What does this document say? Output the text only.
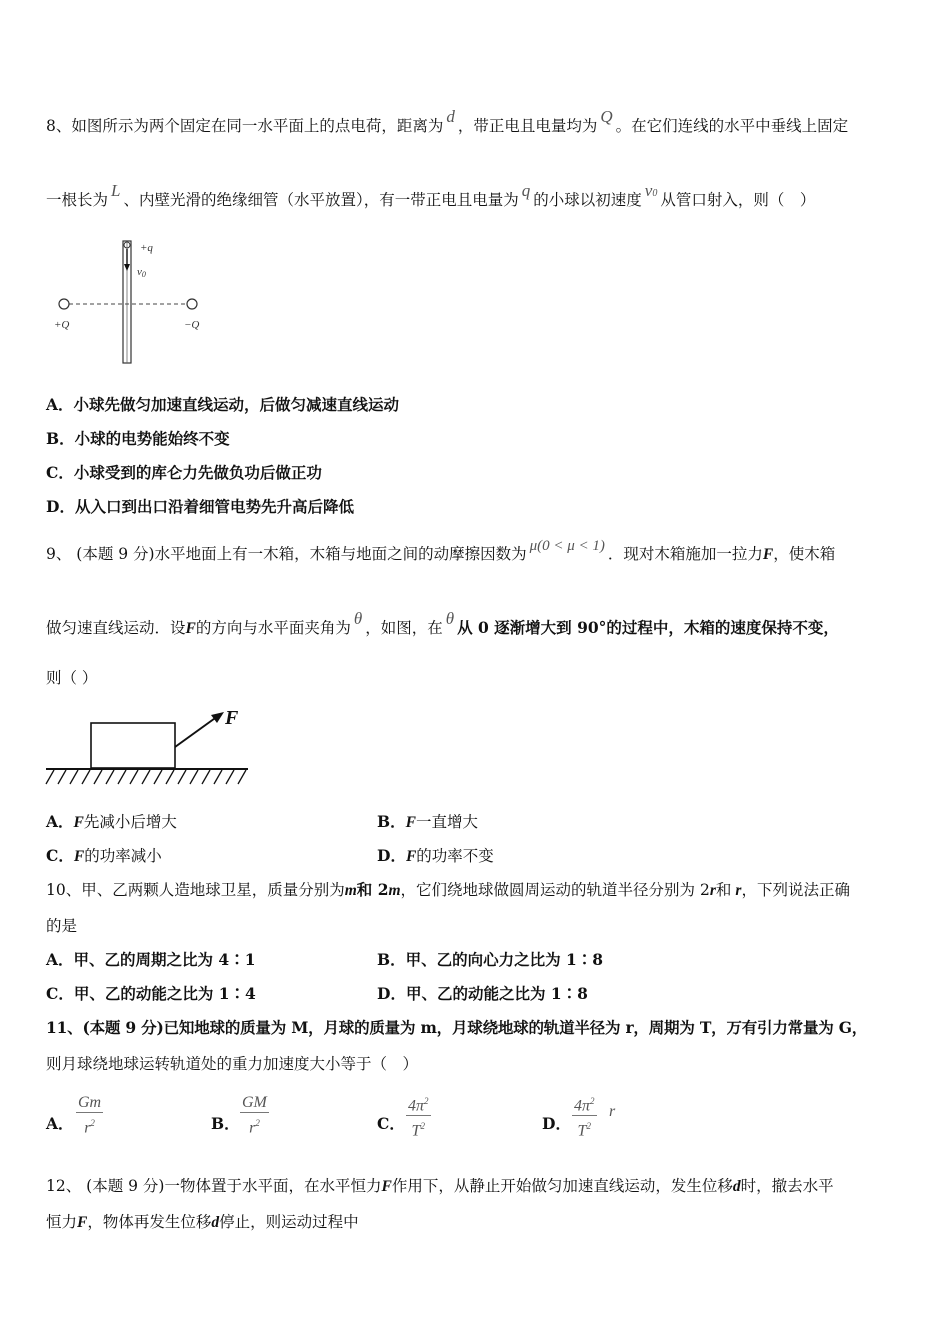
8、如图所示为两个固定在同一水平面上的点电荷，距离为 d ，带正电且电量均为 Q 。在它们连线的水平中垂线上固定
一根长为 L 、内壁光滑的绝缘细管（水平放置），有一带正电且电量为 q 的小球以初速度 v0 从管口射入，则（　）
+q
v0
+Q	−Q
A．小球先做匀加速直线运动，后做匀减速直线运动
B．小球的电势能始终不变
C．小球受到的库仑力先做负功后做正功
D．从入口到出口沿着细管电势先升高后降低
9、 (本题 9 分)水平地面上有一木箱，木箱与地面之间的动摩擦因数为 μ(0 < μ < 1) ．现对木箱施加一拉力F，使木箱
做匀速直线运动．设F的方向与水平面夹角为 θ ，如图，在 θ 从 0 逐渐增大到 90°的过程中，木箱的速度保持不变，
则（ ）
F
A．F先减小后增大	B．F一直增大
C．F的功率减小	D．F的功率不变
10、甲、乙两颗人造地球卫星，质量分别为m和 2m，它们绕地球做圆周运动的轨道半径分别为 2r和 r，下列说法正确
的是
A．甲、乙的周期之比为 4∶1	B．甲、乙的向心力之比为 1∶8
C．甲、乙的动能之比为 1∶4	D．甲、乙的动能之比为 1∶8
11、(本题 9 分)已知地球的质量为 M，月球的质量为 m，月球绕地球的轨道半径为 r，周期为 T，万有引力常量为 G，
则月球绕地球运转轨道处的重力加速度大小等于（　）
A． $\frac{Gm}{r^2}$	B． $\frac{GM}{r^2}$	C． $\frac{4\pi^2}{T^2}$	D． $\frac{4\pi^2}{T^2}$ r
12、 (本题 9 分)一物体置于水平面，在水平恒力F作用下，从静止开始做匀加速直线运动，发生位移d时，撤去水平
恒力F，物体再发生位移d停止，则运动过程中
